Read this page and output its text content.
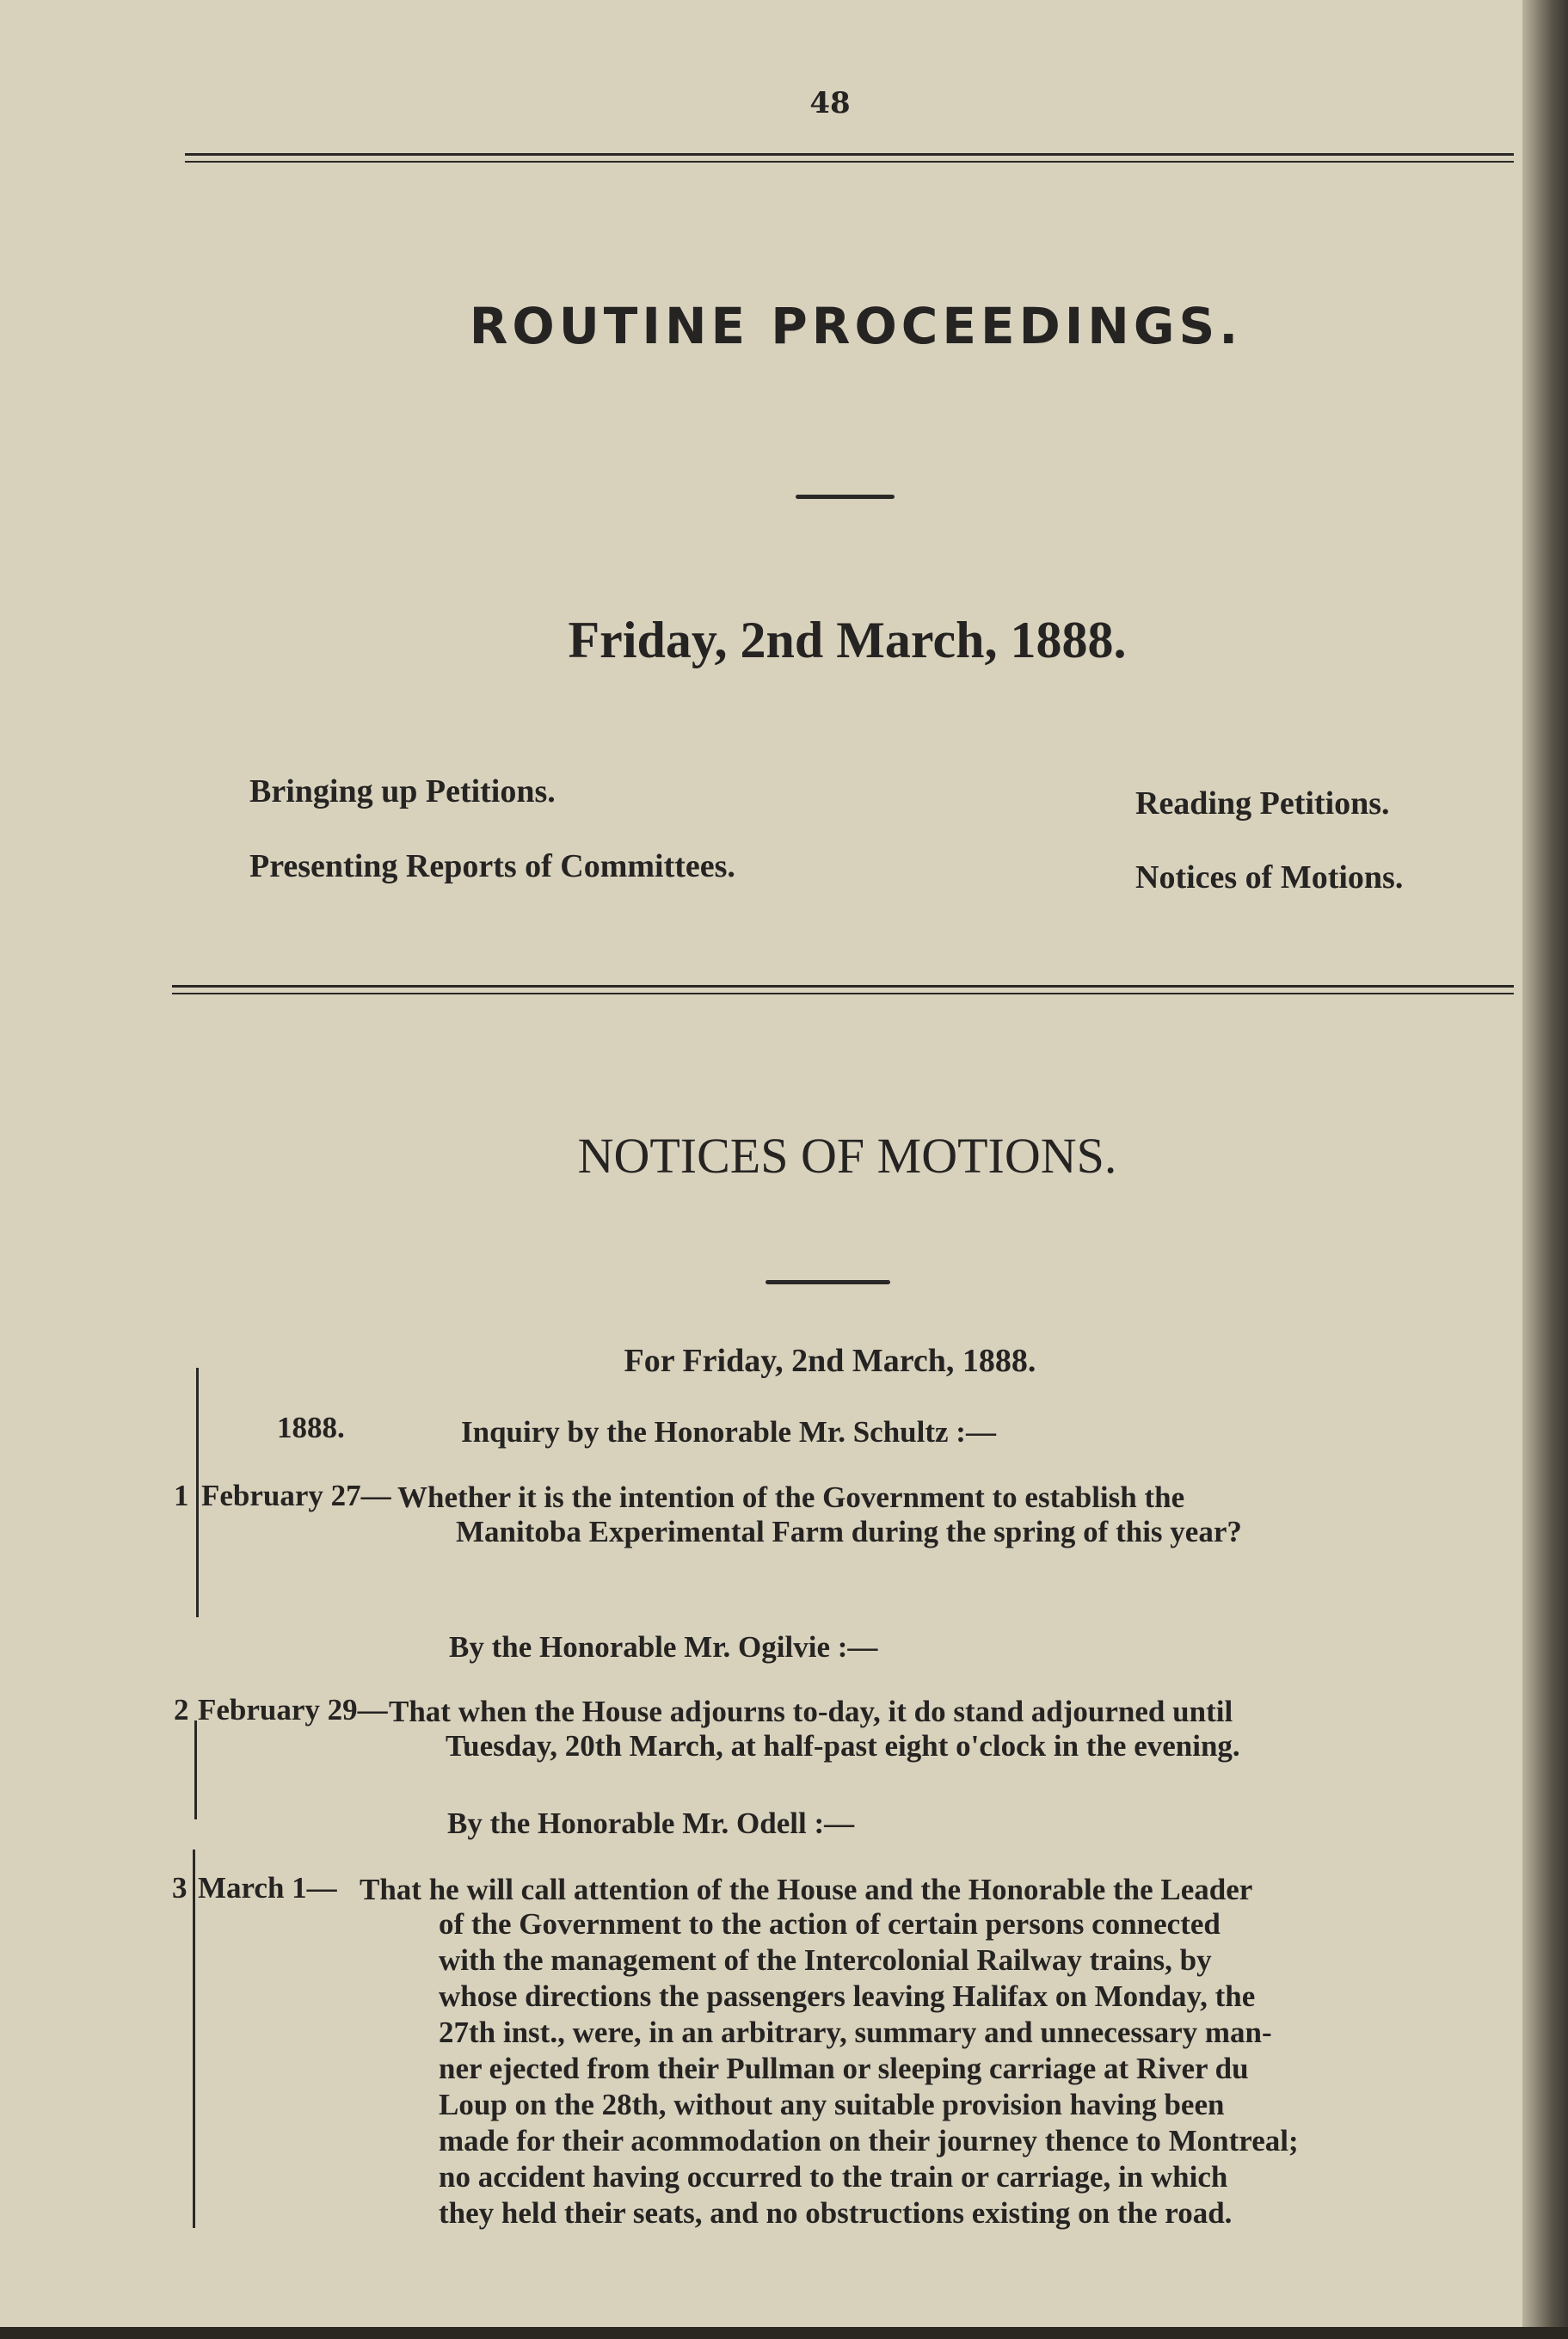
48
ROUTINE PROCEEDINGS.
Friday, 2nd March, 1888.
Bringing up Petitions.	Reading Petitions.
Presenting Reports of Committees.	Notices of Motions.
NOTICES OF MOTIONS.
For Friday, 2nd March, 1888.
1888.	Inquiry by the Honorable Mr. Schultz :—
1 February 27— Whether it is the intention of the Government to establish the
Manitoba Experimental Farm during the spring of this year?
By the Honorable Mr. Ogilvie :—
2 February 29— That when the House adjourns to-day, it do stand adjourned until
Tuesday, 20th March, at half-past eight o'clock in the evening.
By the Honorable Mr. Odell :—
3 March 1— That he will call attention of the House and the Honorable the Leader
of the Government to the action of certain persons connected
with the management of the Intercolonial Railway trains, by
whose directions the passengers leaving Halifax on Monday, the
27th inst., were, in an arbitrary, summary and unnecessary man-
ner ejected from their Pullman or sleeping carriage at River du
Loup on the 28th, without any suitable provision having been
made for their acommodation on their journey thence to Montreal;
no accident having occurred to the train or carriage, in which
they held their seats, and no obstructions existing on the road.
